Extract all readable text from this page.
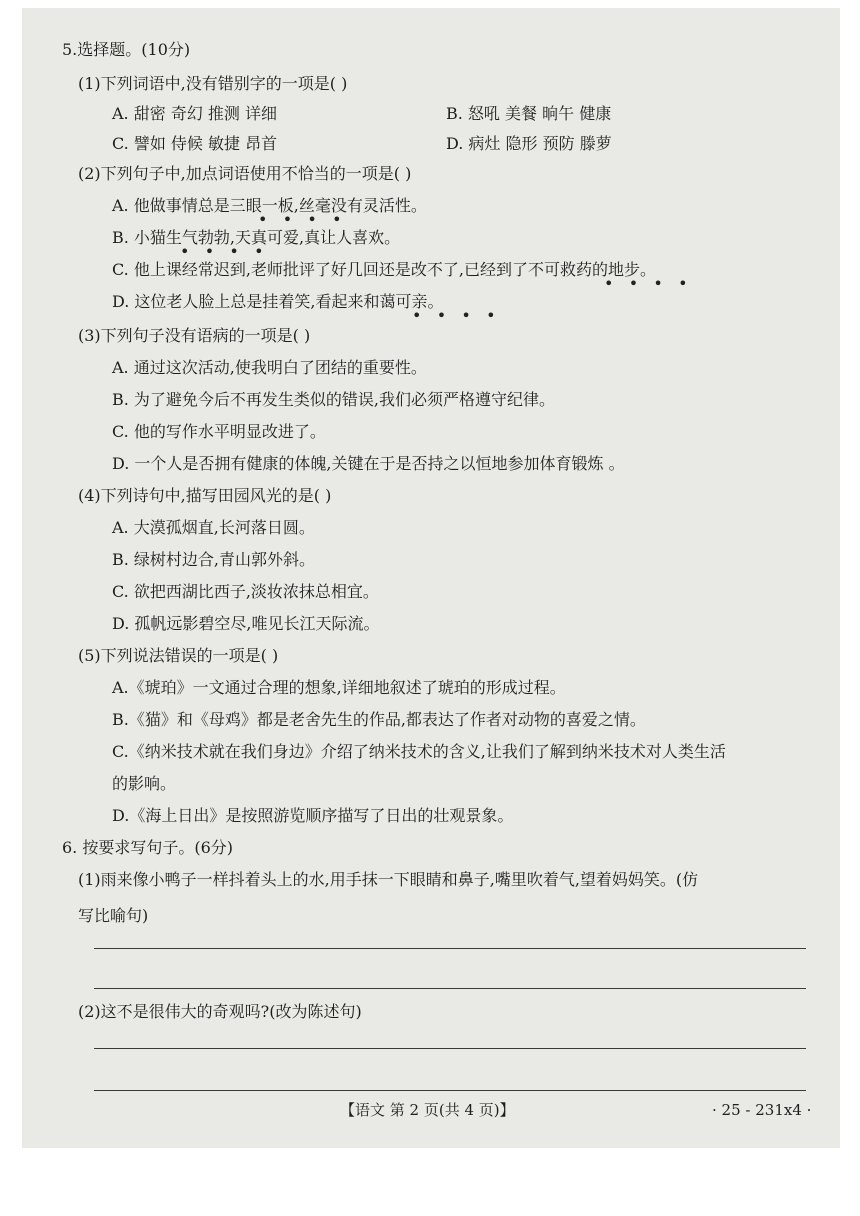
5.选择题。(10分)
(1)下列词语中,没有错别字的一项是( )
A. 甜密 奇幻 推测 详细	B. 怒吼 美餐 晌午 健康
C. 譬如 侍候 敏捷 昂首	D. 病灶 隐形 预防 滕萝
(2)下列句子中,加点词语使用不恰当的一项是( )
A. 他做事情总是三眼一板,丝毫没有灵活性。
•   •   •   •
B. 小猫生气勃勃,天真可爱,真让人喜欢。
•   •   •   •
C. 他上课经常迟到,老师批评了好几回还是改不了,已经到了不可救药的地步。
•   •   •   •
D. 这位老人脸上总是挂着笑,看起来和蔼可亲。
•   •   •   •
(3)下列句子没有语病的一项是( )
A. 通过这次活动,使我明白了团结的重要性。
B. 为了避免今后不再发生类似的错误,我们必须严格遵守纪律。
C. 他的写作水平明显改进了。
D. 一个人是否拥有健康的体魄,关键在于是否持之以恒地参加体育锻炼 。
(4)下列诗句中,描写田园风光的是( )
A. 大漠孤烟直,长河落日圆。
B. 绿树村边合,青山郭外斜。
C. 欲把西湖比西子,淡妆浓抹总相宜。
D. 孤帆远影碧空尽,唯见长江天际流。
(5)下列说法错误的一项是( )
A.《琥珀》一文通过合理的想象,详细地叙述了琥珀的形成过程。
B.《猫》和《母鸡》都是老舍先生的作品,都表达了作者对动物的喜爱之情。
C.《纳米技术就在我们身边》介绍了纳米技术的含义,让我们了解到纳米技术对人类生活
的影响。
D.《海上日出》是按照游览顺序描写了日出的壮观景象。
6. 按要求写句子。(6分)
(1)雨来像小鸭子一样抖着头上的水,用手抹一下眼睛和鼻子,嘴里吹着气,望着妈妈笑。(仿
写比喻句)
(2)这不是很伟大的奇观吗?(改为陈述句)
【语文 第 2 页(共 4 页)】	· 25 - 231x4 ·
